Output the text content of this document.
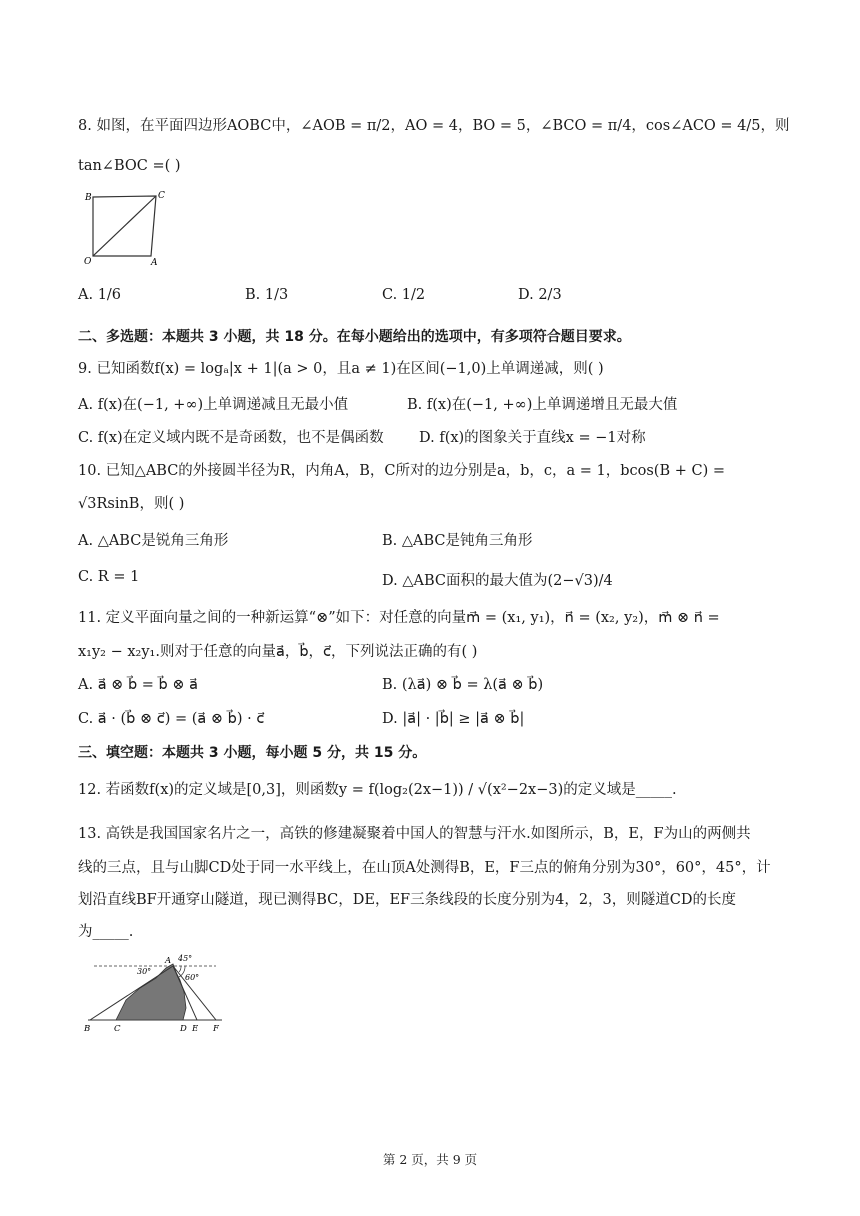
8. 如图，在平面四边形AOBC中，∠AOB = π/2，AO = 4，BO = 5，∠BCO = π/4，cos∠ACO = 4/5，则
tan∠BOC =( )
B	C
O	A
A. 1/6	B. 1/3	C. 1/2	D. 2/3
二、多选题：本题共 3 小题，共 18 分。在每小题给出的选项中，有多项符合题目要求。
9. 已知函数f(x) = logₐ|x + 1|(a > 0，且a ≠ 1)在区间(−1,0)上单调递减，则( )
A. f(x)在(−1, +∞)上单调递减且无最小值	B. f(x)在(−1, +∞)上单调递增且无最大值
C. f(x)在定义域内既不是奇函数，也不是偶函数 D. f(x)的图象关于直线x = −1对称
10. 已知△ABC的外接圆半径为R，内角A，B，C所对的边分别是a，b，c，a = 1，bcos(B + C) =
√3RsinB，则( )
A. △ABC是锐角三角形	B. △ABC是钝角三角形
C. R = 1	D. △ABC面积的最大值为(2−√3)/4
11. 定义平面向量之间的一种新运算“⊗”如下：对任意的向量m⃗ = (x₁, y₁)，n⃗ = (x₂, y₂)，m⃗ ⊗ n⃗ =
x₁y₂ − x₂y₁.则对于任意的向量a⃗，b⃗，c⃗，下列说法正确的有( )
A. a⃗ ⊗ b⃗ = b⃗ ⊗ a⃗	B. (λa⃗) ⊗ b⃗ = λ(a⃗ ⊗ b⃗)
C. a⃗ · (b⃗ ⊗ c⃗) = (a⃗ ⊗ b⃗) · c⃗	D. |a⃗| · |b⃗| ≥ |a⃗ ⊗ b⃗|
三、填空题：本题共 3 小题，每小题 5 分，共 15 分。
12. 若函数f(x)的定义域是[0,3]，则函数y = f(log₂(2x−1)) / √(x²−2x−3)的定义域是_____.
13. 高铁是我国国家名片之一，高铁的修建凝聚着中国人的智慧与汗水.如图所示，B，E，F为山的两侧共
线的三点，且与山脚CD处于同一水平线上，在山顶A处测得B，E，F三点的俯角分别为30°，60°，45°，计
划沿直线BF开通穿山隧道，现已测得BC，DE，EF三条线段的长度分别为4，2，3，则隧道CD的长度
为_____.
A 45°
30°
60°
B	C	D E F
第 2 页，共 9 页
